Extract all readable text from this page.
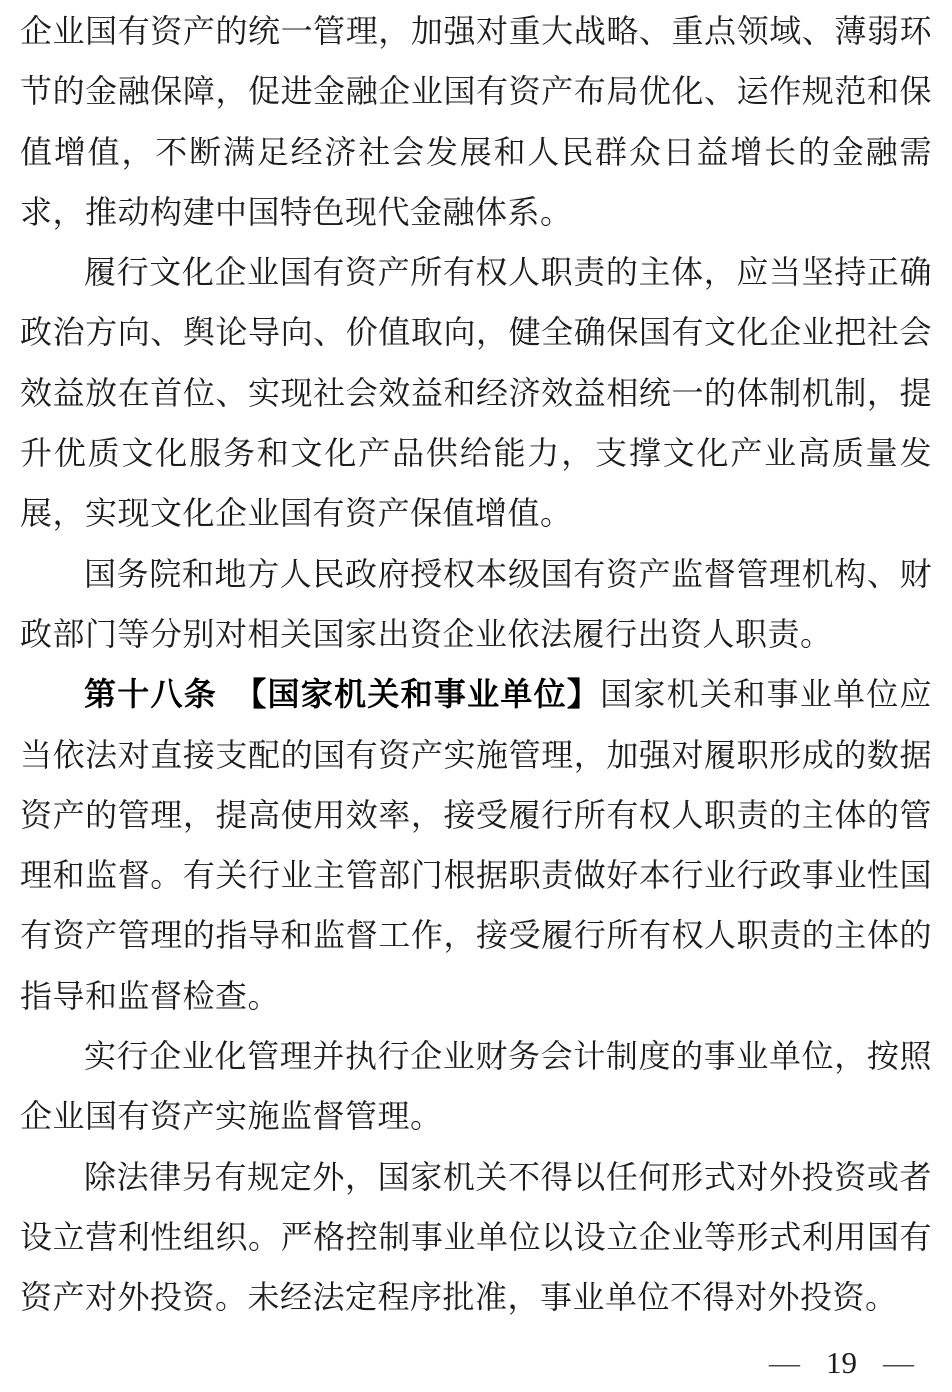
企业国有资产的统一管理，加强对重大战略、重点领域、薄弱环节的金融保障，促进金融企业国有资产布局优化、运作规范和保值增值，不断满足经济社会发展和人民群众日益增长的金融需求，推动构建中国特色现代金融体系。

履行文化企业国有资产所有权人职责的主体，应当坚持正确政治方向、舆论导向、价值取向，健全确保国有文化企业把社会效益放在首位、实现社会效益和经济效益相统一的体制机制，提升优质文化服务和文化产品供给能力，支撑文化产业高质量发展，实现文化企业国有资产保值增值。

国务院和地方人民政府授权本级国有资产监督管理机构、财政部门等分别对相关国家出资企业依法履行出资人职责。

第十八条　【国家机关和事业单位】国家机关和事业单位应当依法对直接支配的国有资产实施管理，加强对履职形成的数据资产的管理，提高使用效率，接受履行所有权人职责的主体的管理和监督。有关行业主管部门根据职责做好本行业行政事业性国有资产管理的指导和监督工作，接受履行所有权人职责的主体的指导和监督检查。

实行企业化管理并执行企业财务会计制度的事业单位，按照企业国有资产实施监督管理。

除法律另有规定外，国家机关不得以任何形式对外投资或者设立营利性组织。严格控制事业单位以设立企业等形式利用国有资产对外投资。未经法定程序批准，事业单位不得对外投资。

— 19 —
